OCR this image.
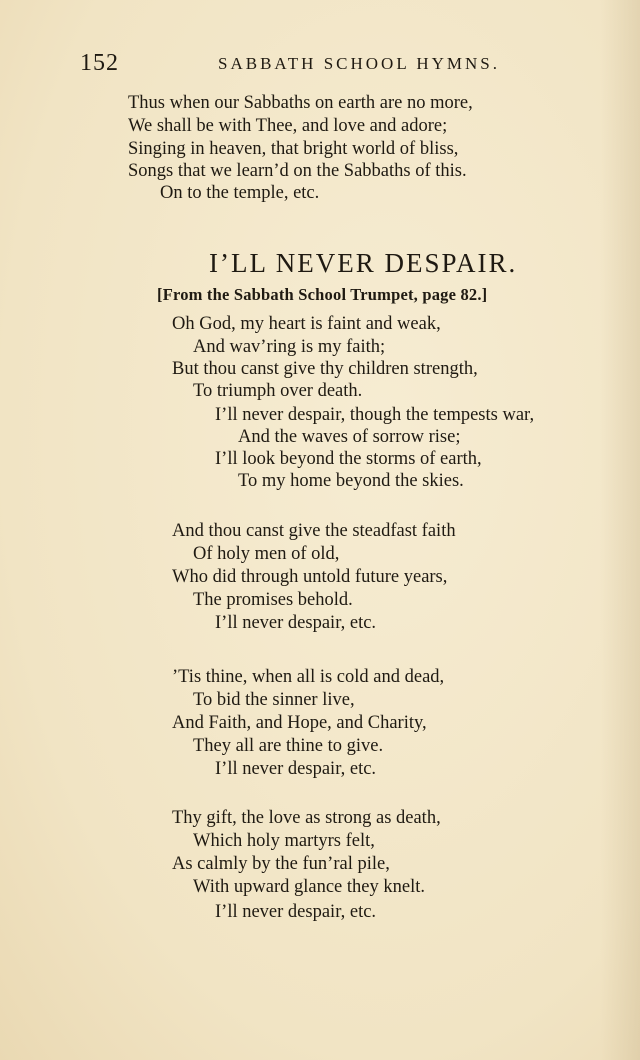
152	SABBATH SCHOOL HYMNS.
Thus when our Sabbaths on earth are no more,
We shall be with Thee, and love and adore;
Singing in heaven, that bright world of bliss,
Songs that we learn’d on the Sabbaths of this.
On to the temple, etc.
I’LL NEVER DESPAIR.
[From the Sabbath School Trumpet, page 82.]
Oh God, my heart is faint and weak,
And wav’ring is my faith;
But thou canst give thy children strength,
To triumph over death.
I’ll never despair, though the tempests war,
And the waves of sorrow rise;
I’ll look beyond the storms of earth,
To my home beyond the skies.
And thou canst give the steadfast faith
Of holy men of old,
Who did through untold future years,
The promises behold.
I’ll never despair, etc.
’Tis thine, when all is cold and dead,
To bid the sinner live,
And Faith, and Hope, and Charity,
They all are thine to give.
I’ll never despair, etc.
Thy gift, the love as strong as death,
Which holy martyrs felt,
As calmly by the fun’ral pile,
With upward glance they knelt.
I’ll never despair, etc.
